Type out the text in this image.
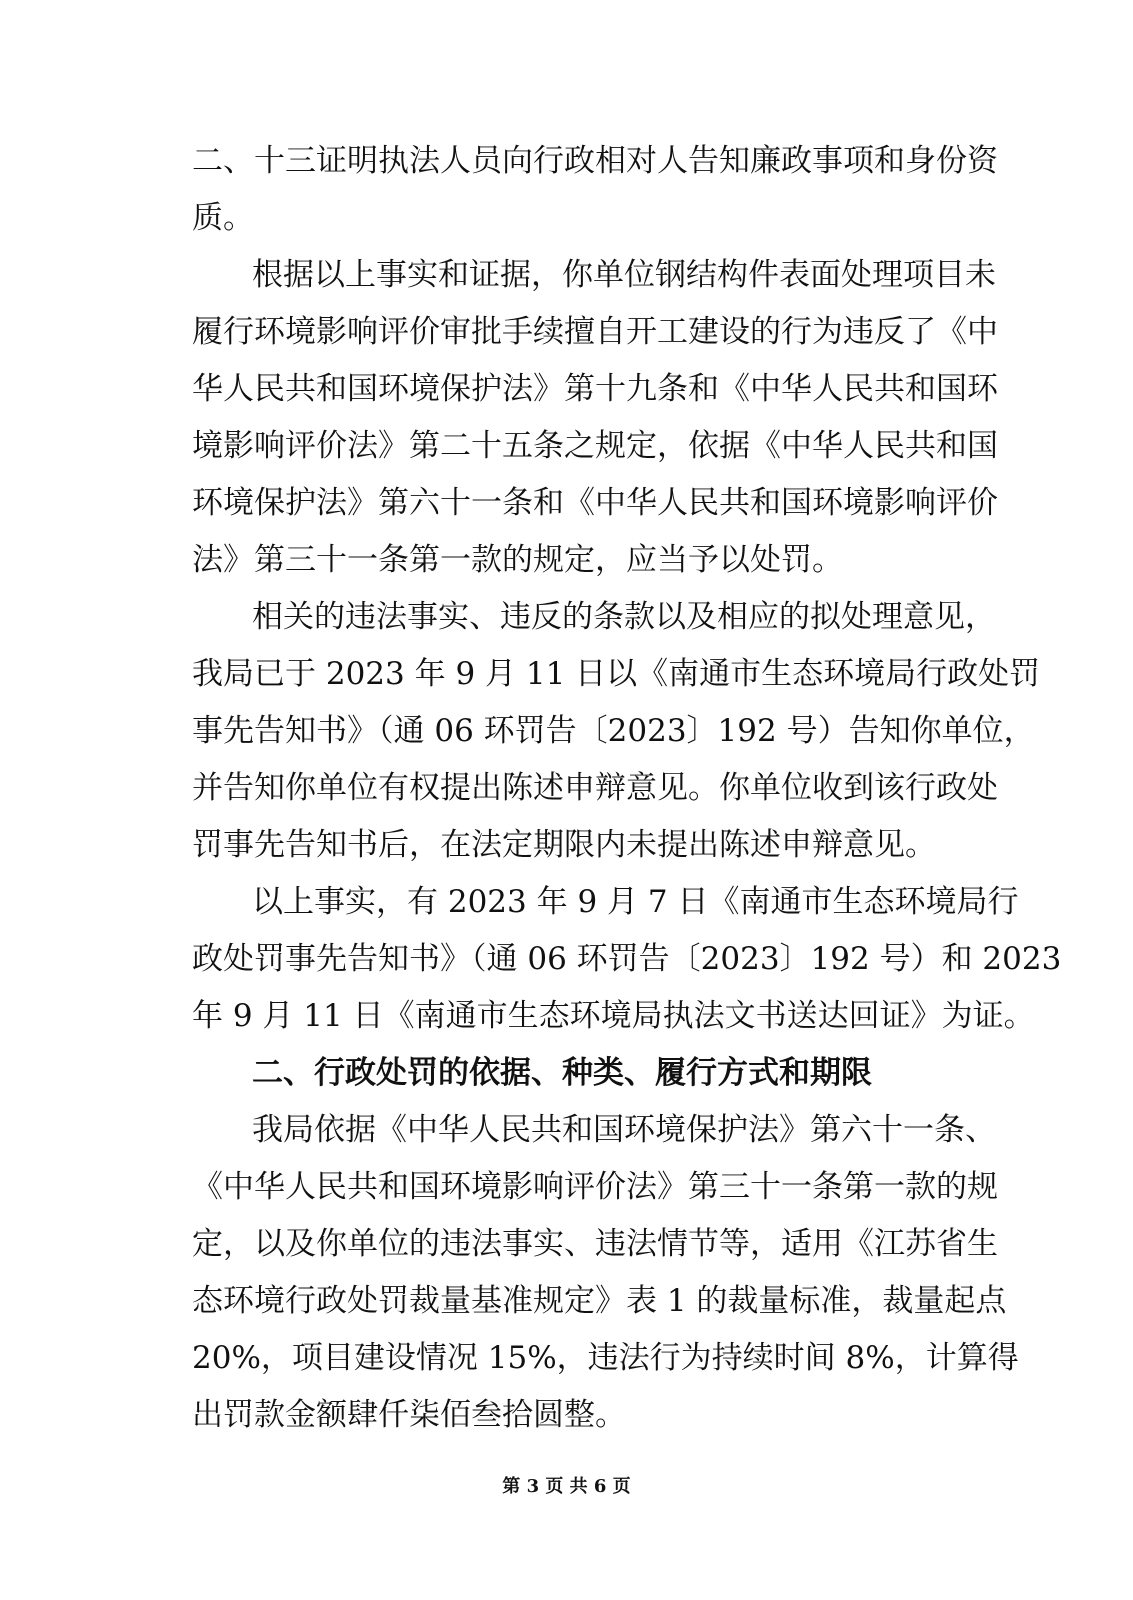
二、十三证明执法人员向行政相对人告知廉政事项和身份资
质。
根据以上事实和证据，你单位钢结构件表面处理项目未
履行环境影响评价审批手续擅自开工建设的行为违反了《中
华人民共和国环境保护法》第十九条和《中华人民共和国环
境影响评价法》第二十五条之规定，依据《中华人民共和国
环境保护法》第六十一条和《中华人民共和国环境影响评价
法》第三十一条第一款的规定，应当予以处罚。
相关的违法事实、违反的条款以及相应的拟处理意见，
我局已于 2023 年 9 月 11 日以《南通市生态环境局行政处罚
事先告知书》（通 06 环罚告〔2023〕192 号）告知你单位，
并告知你单位有权提出陈述申辩意见。你单位收到该行政处
罚事先告知书后，在法定期限内未提出陈述申辩意见。
以上事实，有 2023 年 9 月 7 日《南通市生态环境局行
政处罚事先告知书》（通 06 环罚告〔2023〕192 号）和 2023
年 9 月 11 日《南通市生态环境局执法文书送达回证》为证。
二、行政处罚的依据、种类、履行方式和期限
我局依据《中华人民共和国环境保护法》第六十一条、
《中华人民共和国环境影响评价法》第三十一条第一款的规
定，以及你单位的违法事实、违法情节等，适用《江苏省生
态环境行政处罚裁量基准规定》表 1 的裁量标准，裁量起点
20%，项目建设情况 15%，违法行为持续时间 8%，计算得
出罚款金额肆仟柒佰叁拾圆整。
第 3 页 共 6 页
